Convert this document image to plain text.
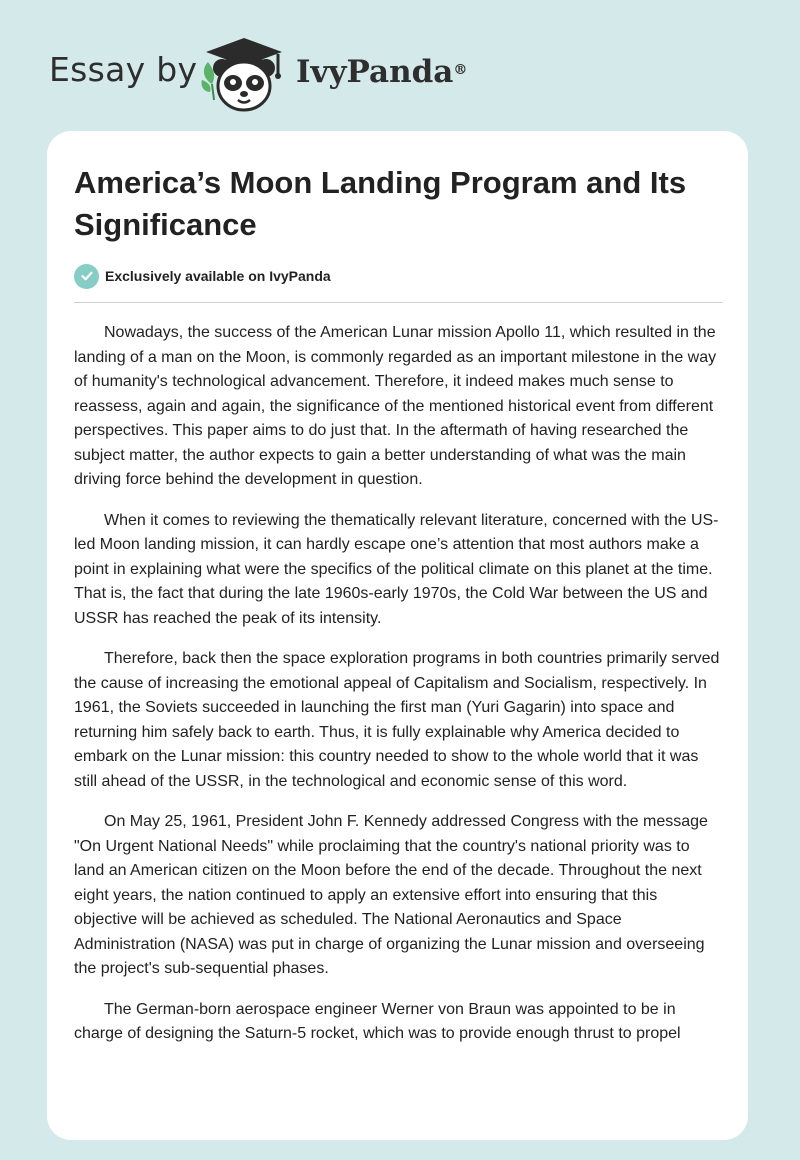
Essay by	IvyPanda®
America’s Moon Landing Program and Its Significance
Exclusively available on IvyPanda

Nowadays, the success of the American Lunar mission Apollo 11, which resulted in the landing of a man on the Moon, is commonly regarded as an important milestone in the way of humanity's technological advancement. Therefore, it indeed makes much sense to reassess, again and again, the significance of the mentioned historical event from different perspectives. This paper aims to do just that. In the aftermath of having researched the subject matter, the author expects to gain a better understanding of what was the main driving force behind the development in question.

When it comes to reviewing the thematically relevant literature, concerned with the US-led Moon landing mission, it can hardly escape one’s attention that most authors make a point in explaining what were the specifics of the political climate on this planet at the time. That is, the fact that during the late 1960s-early 1970s, the Cold War between the US and USSR has reached the peak of its intensity.

Therefore, back then the space exploration programs in both countries primarily served the cause of increasing the emotional appeal of Capitalism and Socialism, respectively. In 1961, the Soviets succeeded in launching the first man (Yuri Gagarin) into space and returning him safely back to earth. Thus, it is fully explainable why America decided to embark on the Lunar mission: this country needed to show to the whole world that it was still ahead of the USSR, in the technological and economic sense of this word.

On May 25, 1961, President John F. Kennedy addressed Congress with the message "On Urgent National Needs" while proclaiming that the country's national priority was to land an American citizen on the Moon before the end of the decade. Throughout the next eight years, the nation continued to apply an extensive effort into ensuring that this objective will be achieved as scheduled. The National Aeronautics and Space Administration (NASA) was put in charge of organizing the Lunar mission and overseeing the project's sub-sequential phases.

The German-born aerospace engineer Werner von Braun was appointed to be in charge of designing the Saturn-5 rocket, which was to provide enough thrust to propel
